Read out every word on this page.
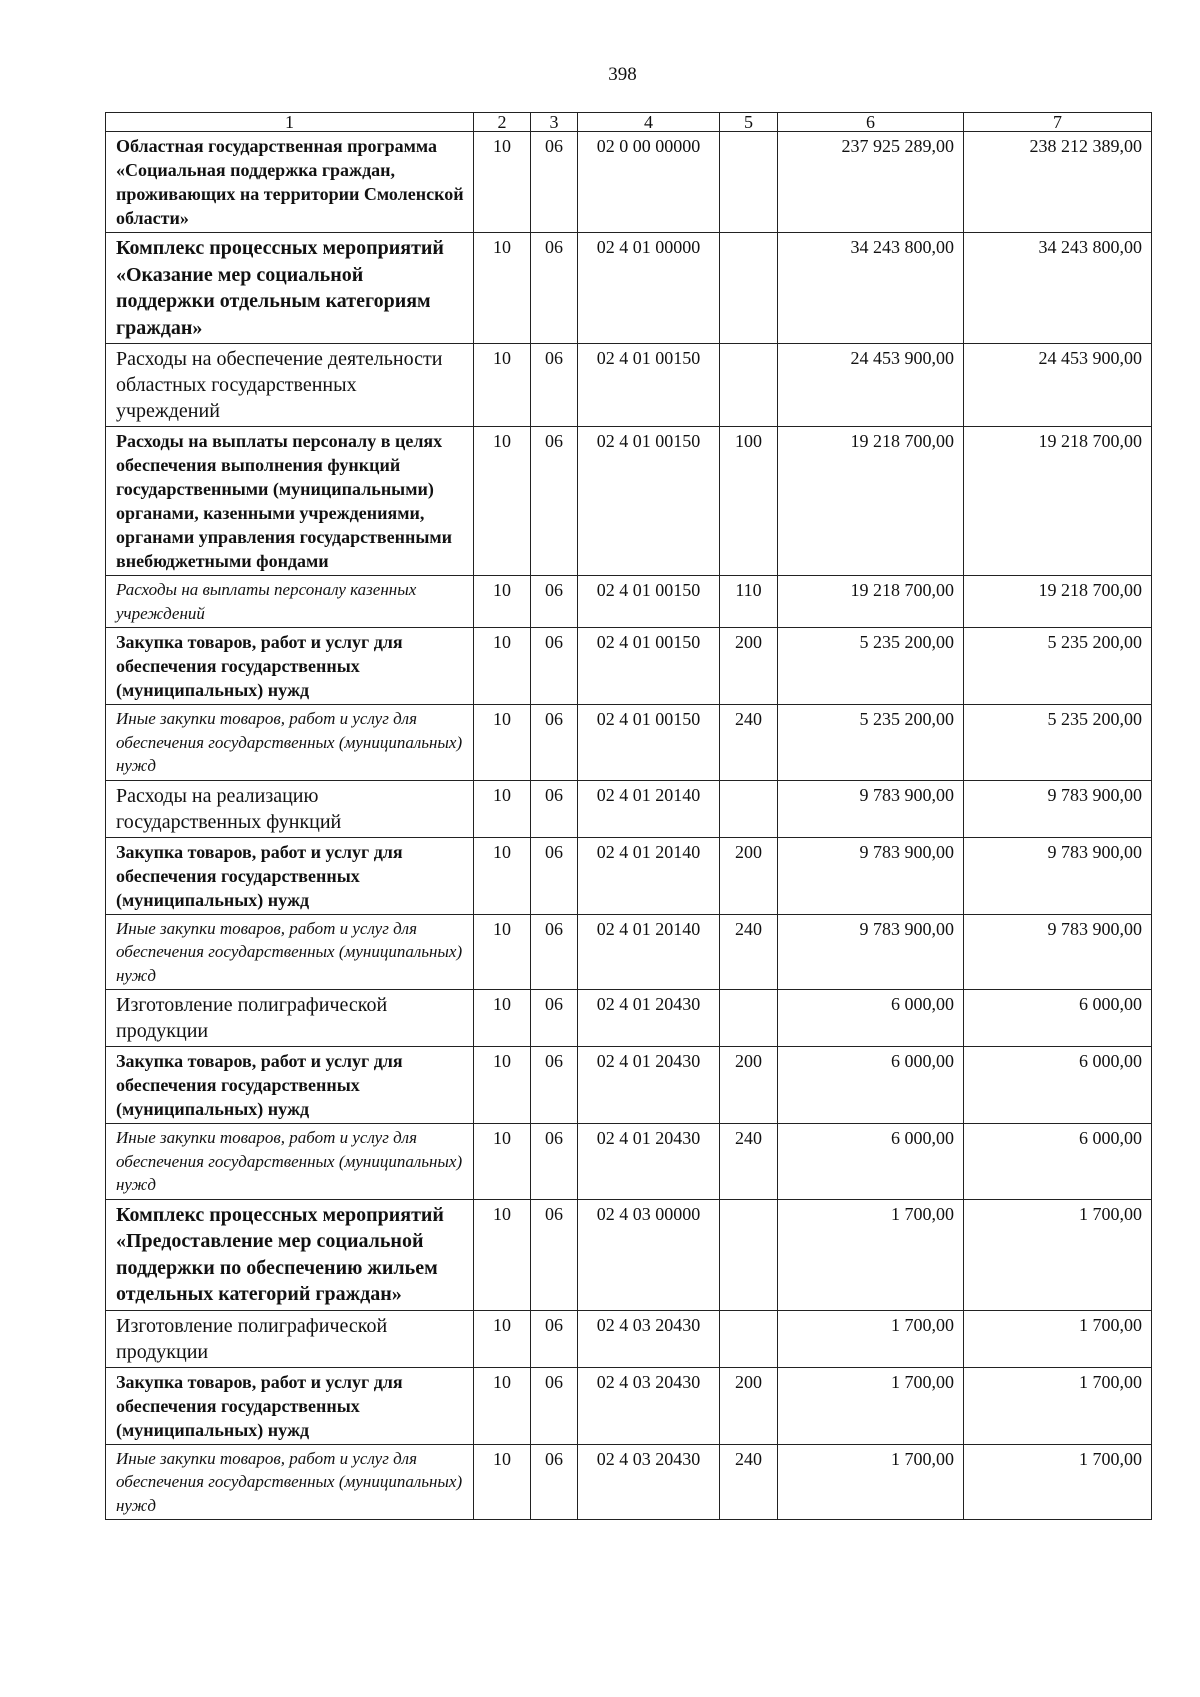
398
1	2	3	4	5	6	7
Областная государственная программа «Социальная поддержка граждан, проживающих на территории Смоленской области»	10	06	02 0 00 00000		237 925 289,00	238 212 389,00
Комплекс процессных мероприятий «Оказание мер социальной поддержки отдельным категориям граждан»	10	06	02 4 01 00000		34 243 800,00	34 243 800,00
Расходы на обеспечение деятельности областных государственных учреждений	10	06	02 4 01 00150		24 453 900,00	24 453 900,00
Расходы на выплаты персоналу в целях обеспечения выполнения функций государственными (муниципальными) органами, казенными учреждениями, органами управления государственными внебюджетными фондами	10	06	02 4 01 00150	100	19 218 700,00	19 218 700,00
Расходы на выплаты персоналу казенных учреждений	10	06	02 4 01 00150	110	19 218 700,00	19 218 700,00
Закупка товаров, работ и услуг для обеспечения государственных (муниципальных) нужд	10	06	02 4 01 00150	200	5 235 200,00	5 235 200,00
Иные закупки товаров, работ и услуг для обеспечения государственных (муниципальных) нужд	10	06	02 4 01 00150	240	5 235 200,00	5 235 200,00
Расходы на реализацию государственных функций	10	06	02 4 01 20140		9 783 900,00	9 783 900,00
Закупка товаров, работ и услуг для обеспечения государственных (муниципальных) нужд	10	06	02 4 01 20140	200	9 783 900,00	9 783 900,00
Иные закупки товаров, работ и услуг для обеспечения государственных (муниципальных) нужд	10	06	02 4 01 20140	240	9 783 900,00	9 783 900,00
Изготовление полиграфической продукции	10	06	02 4 01 20430		6 000,00	6 000,00
Закупка товаров, работ и услуг для обеспечения государственных (муниципальных) нужд	10	06	02 4 01 20430	200	6 000,00	6 000,00
Иные закупки товаров, работ и услуг для обеспечения государственных (муниципальных) нужд	10	06	02 4 01 20430	240	6 000,00	6 000,00
Комплекс процессных мероприятий «Предоставление мер социальной поддержки по обеспечению жильем отдельных категорий граждан»	10	06	02 4 03 00000		1 700,00	1 700,00
Изготовление полиграфической продукции	10	06	02 4 03 20430		1 700,00	1 700,00
Закупка товаров, работ и услуг для обеспечения государственных (муниципальных) нужд	10	06	02 4 03 20430	200	1 700,00	1 700,00
Иные закупки товаров, работ и услуг для обеспечения государственных (муниципальных) нужд	10	06	02 4 03 20430	240	1 700,00	1 700,00
